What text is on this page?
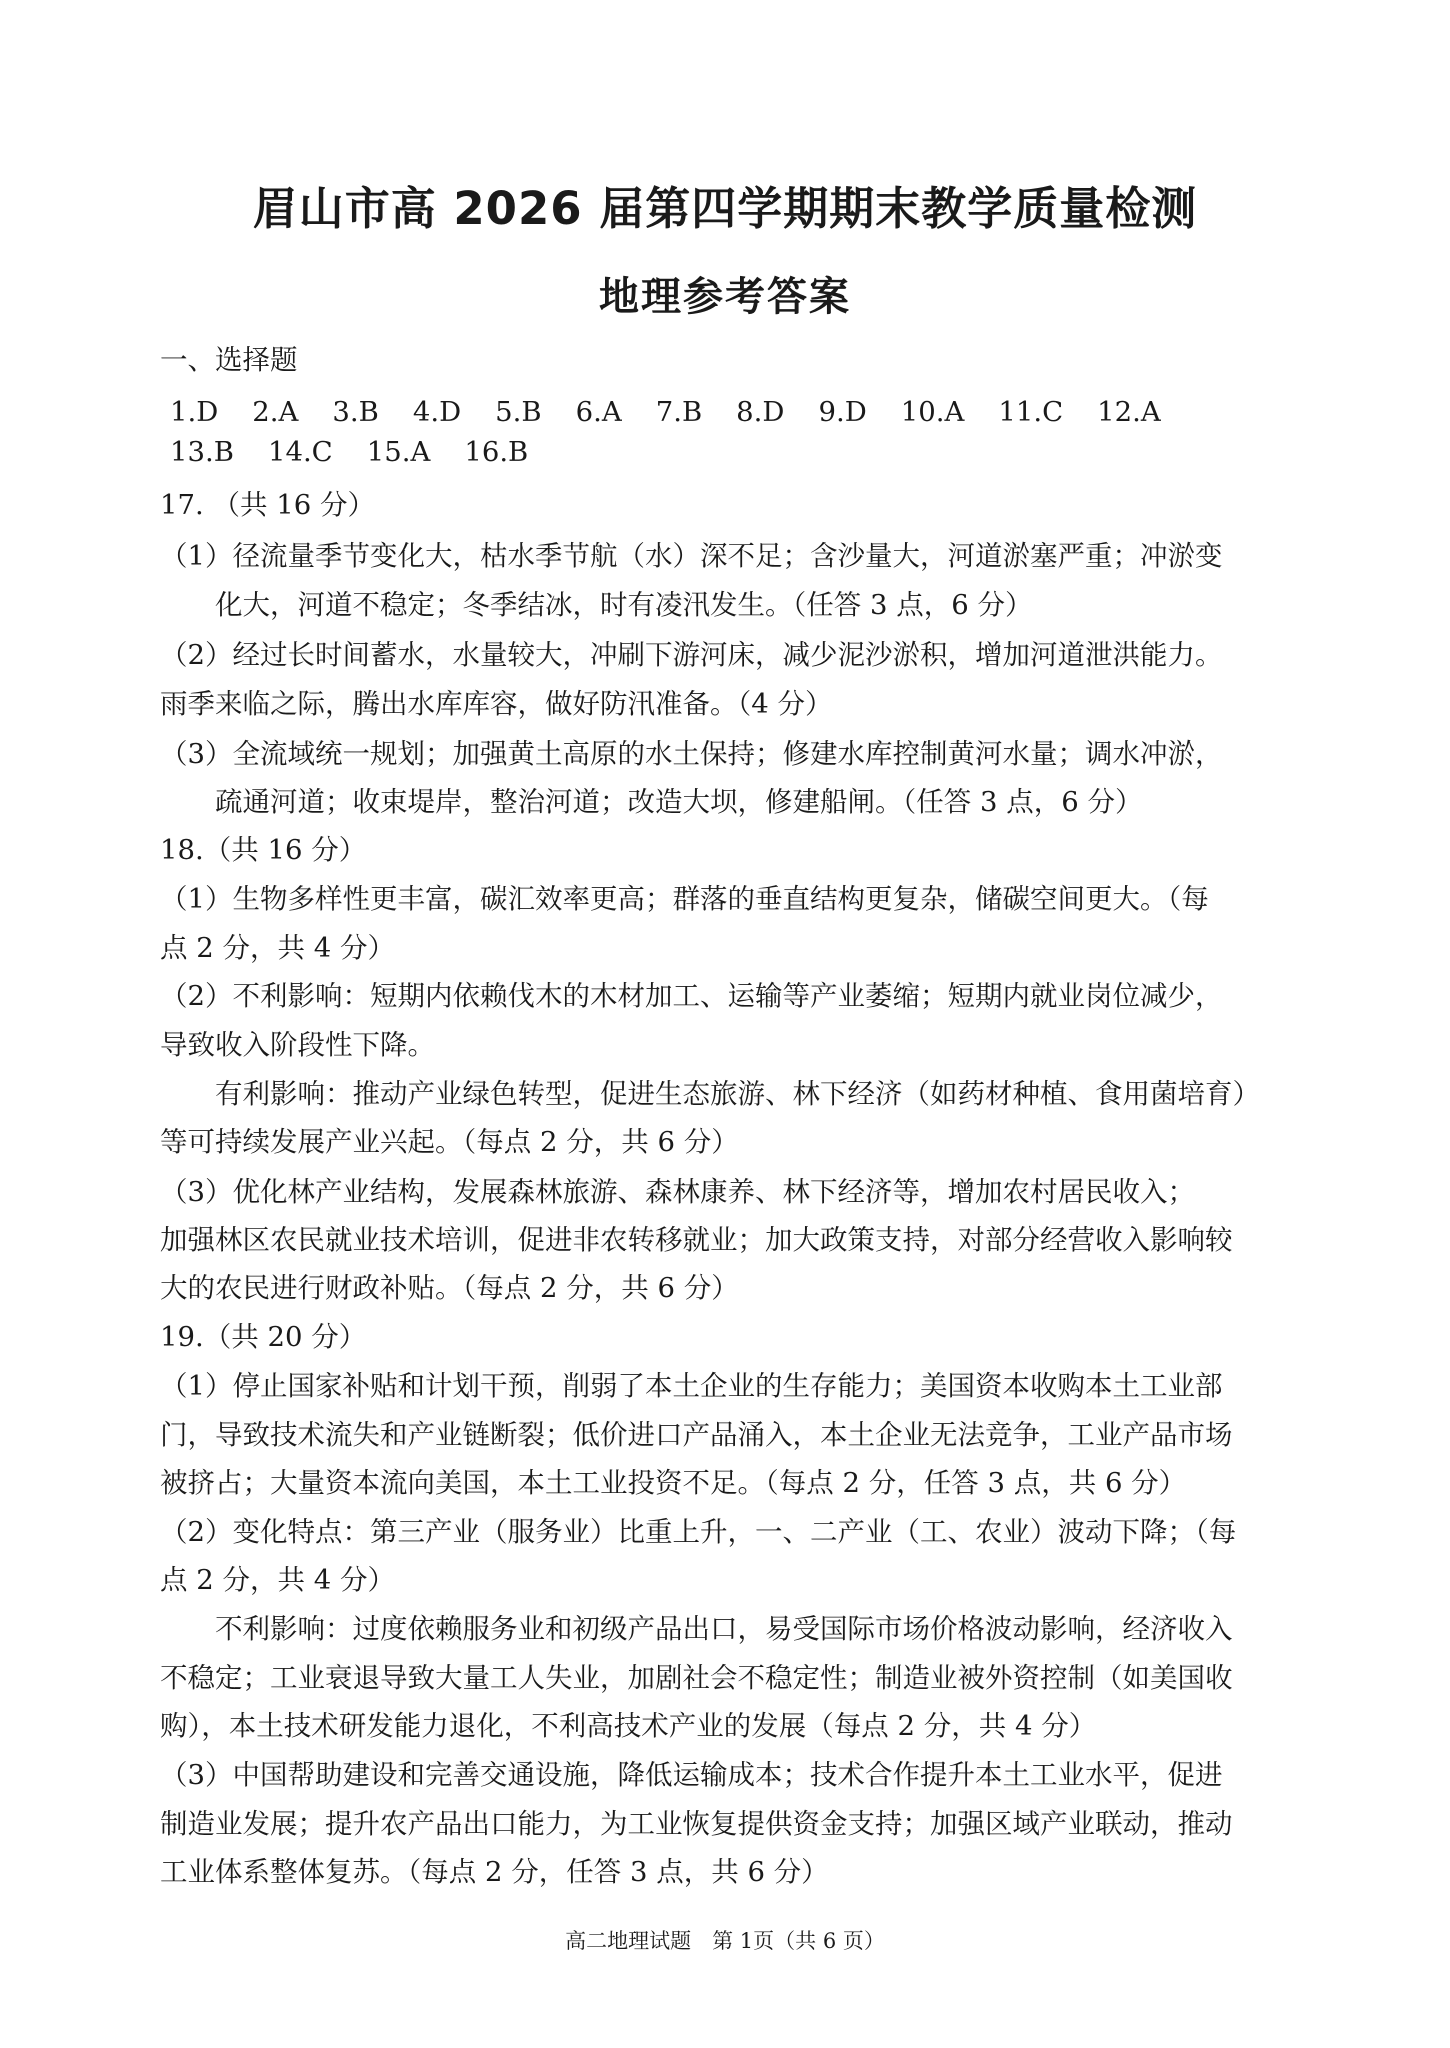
眉山市高 2026 届第四学期期末教学质量检测
地理参考答案
一、选择题
1.D 2.A 3.B 4.D 5.B 6.A 7.B 8.D 9.D 10.A 11.C 12.A13.B 14.C 15.A 16.B
17. （共 16 分）
（1）径流量季节变化大，枯水季节航（水）深不足；含沙量大，河道淤塞严重；冲淤变
化大，河道不稳定；冬季结冰，时有凌汛发生。（任答 3 点，6 分）
（2）经过长时间蓄水，水量较大，冲刷下游河床，减少泥沙淤积，增加河道泄洪能力。
雨季来临之际，腾出水库库容，做好防汛准备。（4 分）
（3）全流域统一规划；加强黄土高原的水土保持；修建水库控制黄河水量；调水冲淤，
疏通河道；收束堤岸，整治河道；改造大坝，修建船闸。（任答 3 点，6 分）
18.（共 16 分）
（1）生物多样性更丰富，碳汇效率更高；群落的垂直结构更复杂，储碳空间更大。（每
点 2 分，共 4 分）
（2）不利影响：短期内依赖伐木的木材加工、运输等产业萎缩；短期内就业岗位减少，
导致收入阶段性下降。
有利影响：推动产业绿色转型，促进生态旅游、林下经济（如药材种植、食用菌培育）
等可持续发展产业兴起。（每点 2 分，共 6 分）
（3）优化林产业结构，发展森林旅游、森林康养、林下经济等，增加农村居民收入；
加强林区农民就业技术培训，促进非农转移就业；加大政策支持，对部分经营收入影响较
大的农民进行财政补贴。（每点 2 分，共 6 分）
19.（共 20 分）
（1）停止国家补贴和计划干预，削弱了本土企业的生存能力；美国资本收购本土工业部
门，导致技术流失和产业链断裂；低价进口产品涌入，本土企业无法竞争，工业产品市场
被挤占；大量资本流向美国，本土工业投资不足。（每点 2 分，任答 3 点，共 6 分）
（2）变化特点：第三产业（服务业）比重上升，一、二产业（工、农业）波动下降；（每
点 2 分，共 4 分）
不利影响：过度依赖服务业和初级产品出口，易受国际市场价格波动影响，经济收入
不稳定；工业衰退导致大量工人失业，加剧社会不稳定性；制造业被外资控制（如美国收
购），本土技术研发能力退化，不利高技术产业的发展（每点 2 分，共 4 分）
（3）中国帮助建设和完善交通设施，降低运输成本；技术合作提升本土工业水平，促进
制造业发展；提升农产品出口能力，为工业恢复提供资金支持；加强区域产业联动，推动
工业体系整体复苏。（每点 2 分，任答 3 点，共 6 分）
高二地理试题　第 1页（共 6 页）
